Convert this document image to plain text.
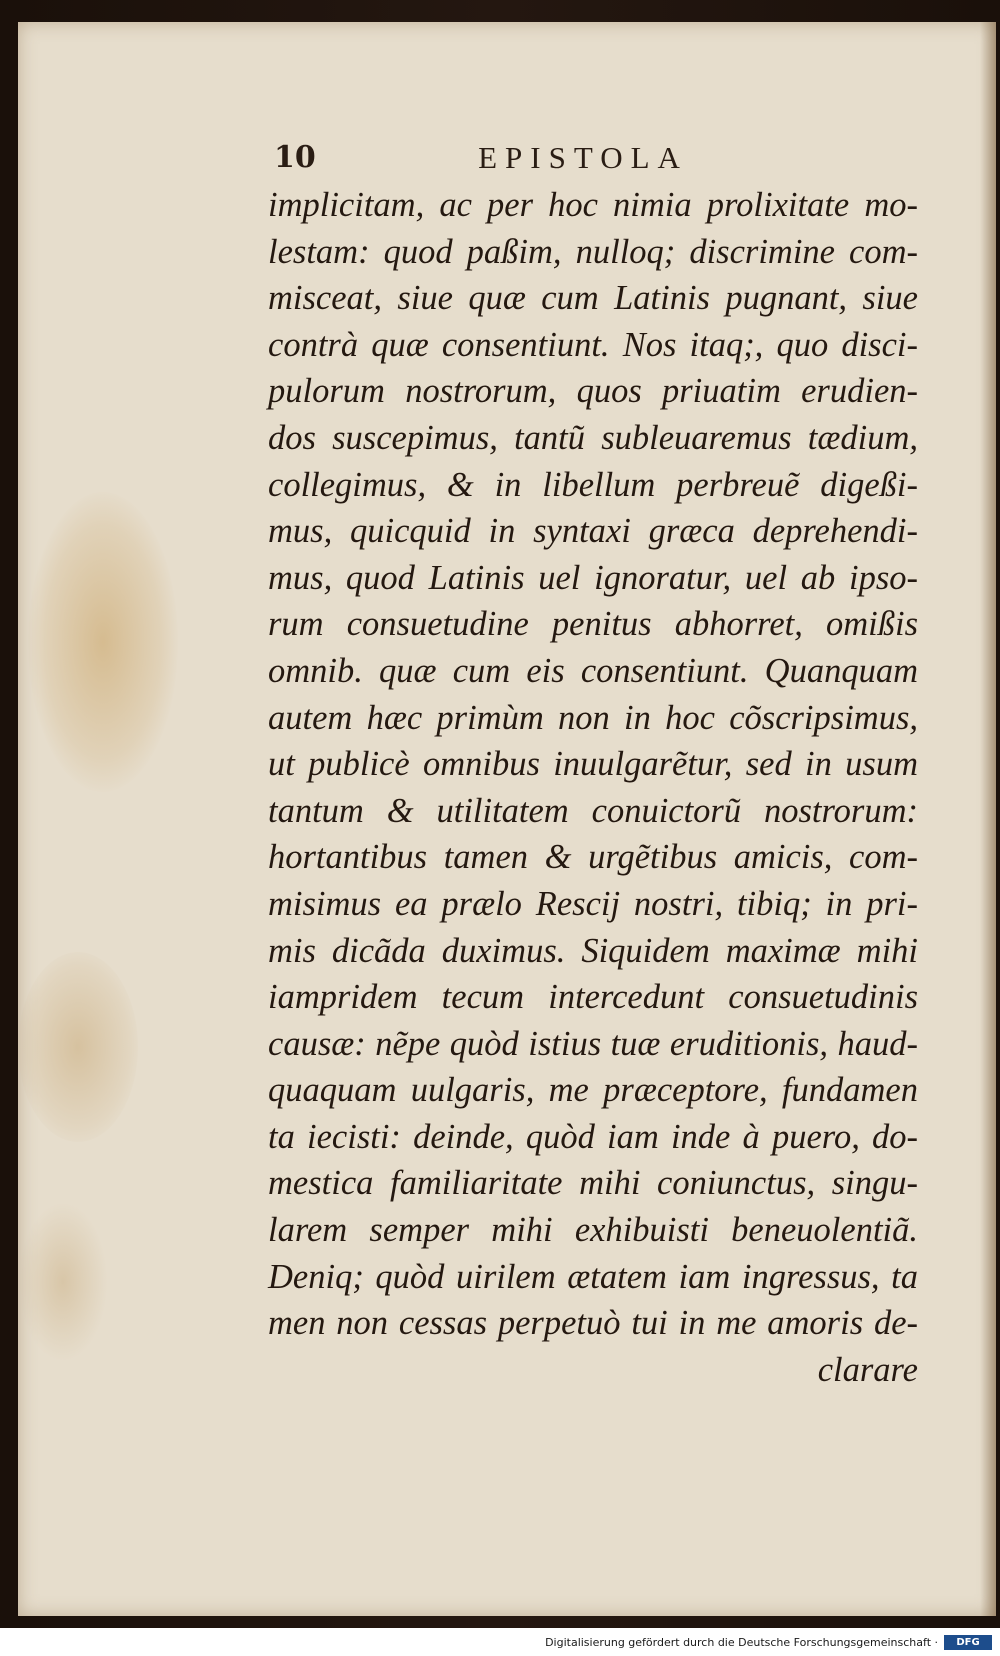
10	EPISTOLA
implicitam, ac per hoc nimia prolixitate mo-
lestam: quod paßim, nulloq; discrimine com-
misceat, siue quæ cum Latinis pugnant, siue
contrà quæ consentiunt. Nos itaq;, quo disci-
pulorum nostrorum, quos priuatim erudien-
dos suscepimus, tantũ subleuaremus tædium,
collegimus, & in libellum perbreuẽ digeßi-
mus, quicquid in syntaxi græca deprehendi-
mus, quod Latinis uel ignoratur, uel ab ipso-
rum consuetudine penitus abhorret, omißis
omnib. quæ cum eis consentiunt. Quanquam
autem hæc primùm non in hoc cõscripsimus,
ut publicè omnibus inuulgarẽtur, sed in usum
tantum & utilitatem conuictorũ nostrorum:
hortantibus tamen & urgẽtibus amicis, com-
misimus ea prælo Rescij nostri, tibiq; in pri-
mis dicãda duximus. Siquidem maximæ mihi
iampridem tecum intercedunt consuetudinis
causæ: nẽpe quòd istius tuæ eruditionis, haud-
quaquam uulgaris, me præceptore, fundamen
ta iecisti: deinde, quòd iam inde à puero, do-
mestica familiaritate mihi coniunctus, singu-
larem semper mihi exhibuisti beneuolentiã.
Deniq; quòd uirilem ætatem iam ingressus, ta
men non cessas perpetuò tui in me amoris de-
clarare
Digitalisierung gefördert durch die Deutsche Forschungsgemeinschaft ·	DFG
